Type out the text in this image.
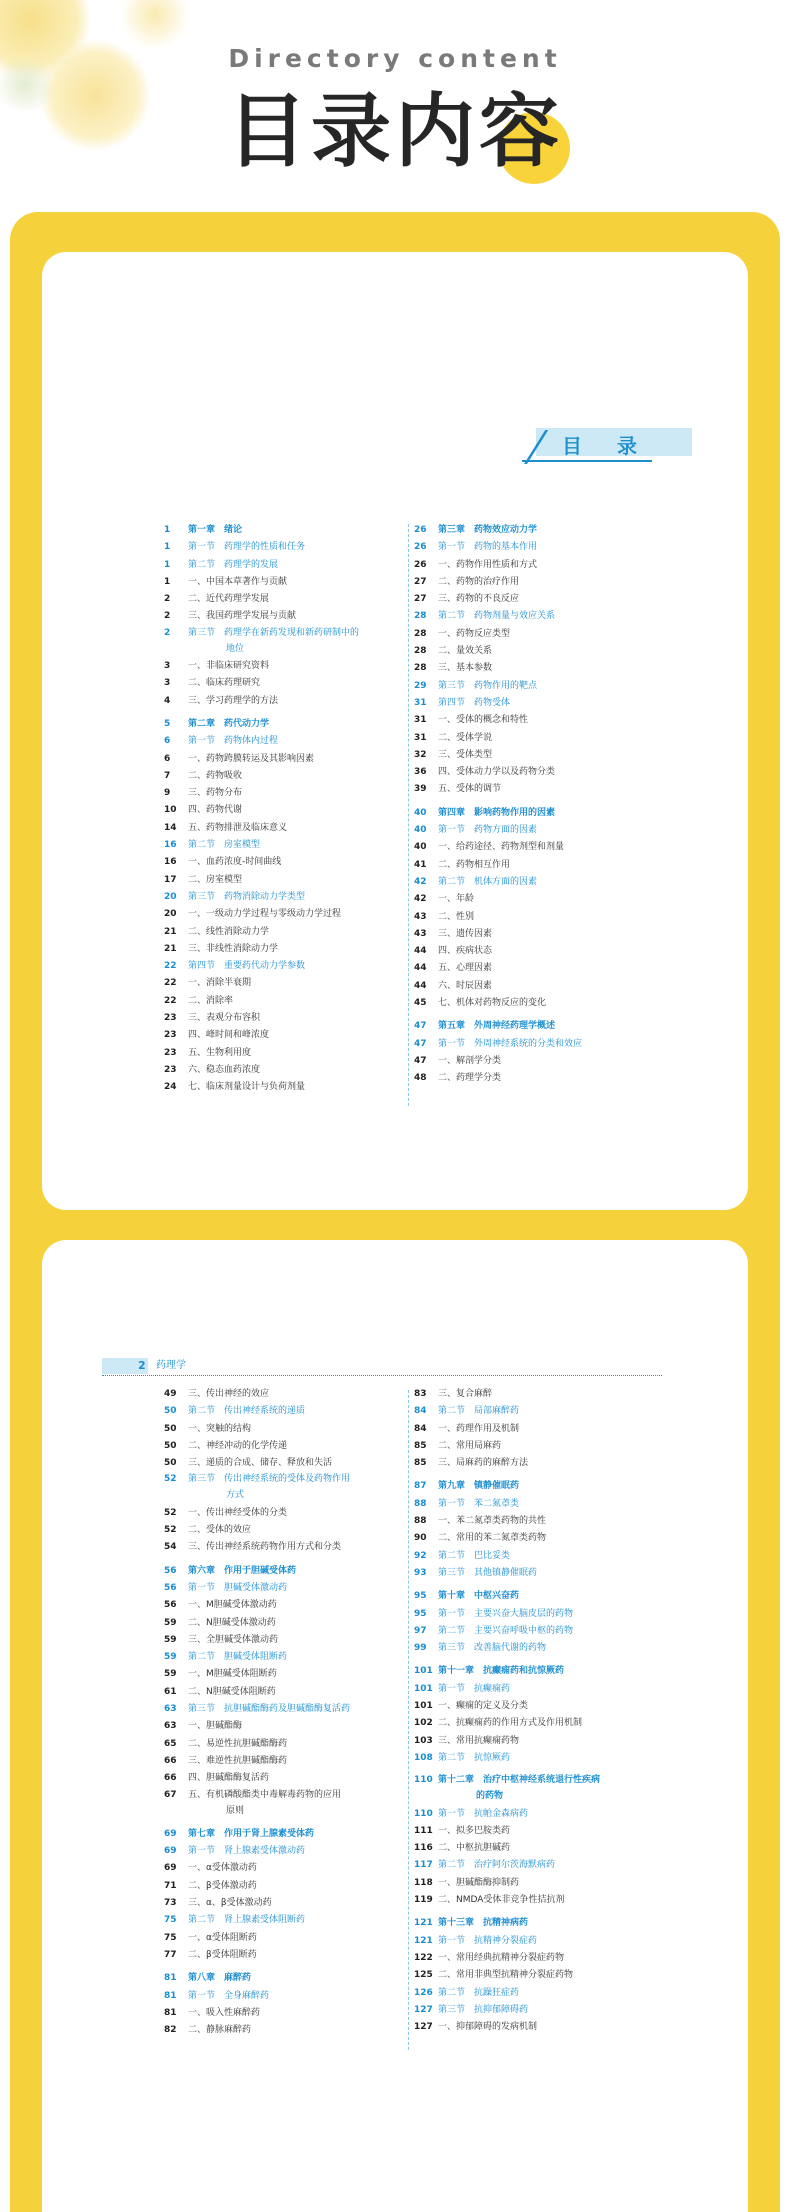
Directory content
目录内容
目 录
1 第一章　绪论
1 第一节　药理学的性质和任务
1 第二节　药理学的发展
1 一、中国本草著作与贡献
2 二、近代药理学发展
2 三、我国药理学发展与贡献
2 第三节　药理学在新药发现和新药研制中的
地位
3 一、非临床研究资料
3 二、临床药理研究
4 三、学习药理学的方法
5 第二章　药代动力学
6 第一节　药物体内过程
6 一、药物跨膜转运及其影响因素
7 二、药物吸收
9 三、药物分布
10 四、药物代谢
14 五、药物排泄及临床意义
16 第二节　房室模型
16 一、血药浓度-时间曲线
17 二、房室模型
20 第三节　药物消除动力学类型
20 一、一级动力学过程与零级动力学过程
21 二、线性消除动力学
21 三、非线性消除动力学
22 第四节　重要药代动力学参数
22 一、消除半衰期
22 二、消除率
23 三、表观分布容积
23 四、峰时间和峰浓度
23 五、生物利用度
23 六、稳态血药浓度
24 七、临床剂量设计与负荷剂量
26 第三章　药物效应动力学
26 第一节　药物的基本作用
26 一、药物作用性质和方式
27 二、药物的治疗作用
27 三、药物的不良反应
28 第二节　药物剂量与效应关系
28 一、药物反应类型
28 二、量效关系
28 三、基本参数
29 第三节　药物作用的靶点
31 第四节　药物受体
31 一、受体的概念和特性
31 二、受体学说
32 三、受体类型
36 四、受体动力学以及药物分类
39 五、受体的调节
40 第四章　影响药物作用的因素
40 第一节　药物方面的因素
40 一、给药途径、药物剂型和剂量
41 二、药物相互作用
42 第二节　机体方面的因素
42 一、年龄
43 二、性别
43 三、遗传因素
44 四、疾病状态
44 五、心理因素
44 六、时辰因素
45 七、机体对药物反应的变化
47 第五章　外周神经药理学概述
47 第一节　外周神经系统的分类和效应
47 一、解剖学分类
48 二、药理学分类
2 药理学
49 三、传出神经的效应
50 第二节　传出神经系统的递质
50 一、突触的结构
50 二、神经冲动的化学传递
50 三、递质的合成、储存、释放和失活
52 第三节　传出神经系统的受体及药物作用
方式
52 一、传出神经受体的分类
52 二、受体的效应
54 三、传出神经系统药物作用方式和分类
56 第六章　作用于胆碱受体药
56 第一节　胆碱受体激动药
56 一、M胆碱受体激动药
59 二、N胆碱受体激动药
59 三、全胆碱受体激动药
59 第二节　胆碱受体阻断药
59 一、M胆碱受体阻断药
61 二、N胆碱受体阻断药
63 第三节　抗胆碱酯酶药及胆碱酯酶复活药
63 一、胆碱酯酶
65 二、易逆性抗胆碱酯酶药
66 三、难逆性抗胆碱酯酶药
66 四、胆碱酯酶复活药
67 五、有机磷酸酯类中毒解毒药物的应用
原则
69 第七章　作用于肾上腺素受体药
69 第一节　肾上腺素受体激动药
69 一、α受体激动药
71 二、β受体激动药
73 三、α、β受体激动药
75 第二节　肾上腺素受体阻断药
75 一、α受体阻断药
77 二、β受体阻断药
81 第八章　麻醉药
81 第一节　全身麻醉药
81 一、吸入性麻醉药
82 二、静脉麻醉药
83 三、复合麻醉
84 第二节　局部麻醉药
84 一、药理作用及机制
85 二、常用局麻药
85 三、局麻药的麻醉方法
87 第九章　镇静催眠药
88 第一节　苯二氮䓬类
88 一、苯二氮䓬类药物的共性
90 二、常用的苯二氮䓬类药物
92 第二节　巴比妥类
93 第三节　其他镇静催眠药
95 第十章　中枢兴奋药
95 第一节　主要兴奋大脑皮层的药物
97 第二节　主要兴奋呼吸中枢的药物
99 第三节　改善脑代谢的药物
101 第十一章　抗癫痫药和抗惊厥药
101 第一节　抗癫痫药
101 一、癫痫的定义及分类
102 二、抗癫痫药的作用方式及作用机制
103 三、常用抗癫痫药物
108 第二节　抗惊厥药
110 第十二章　治疗中枢神经系统退行性疾病
的药物
110 第一节　抗帕金森病药
111 一、拟多巴胺类药
116 二、中枢抗胆碱药
117 第二节　治疗阿尔茨海默病药
118 一、胆碱酯酶抑制药
119 二、NMDA受体非竞争性拮抗剂
121 第十三章　抗精神病药
121 第一节　抗精神分裂症药
122 一、常用经典抗精神分裂症药物
125 二、常用非典型抗精神分裂症药物
126 第二节　抗躁狂症药
127 第三节　抗抑郁障碍药
127 一、抑郁障碍的发病机制
